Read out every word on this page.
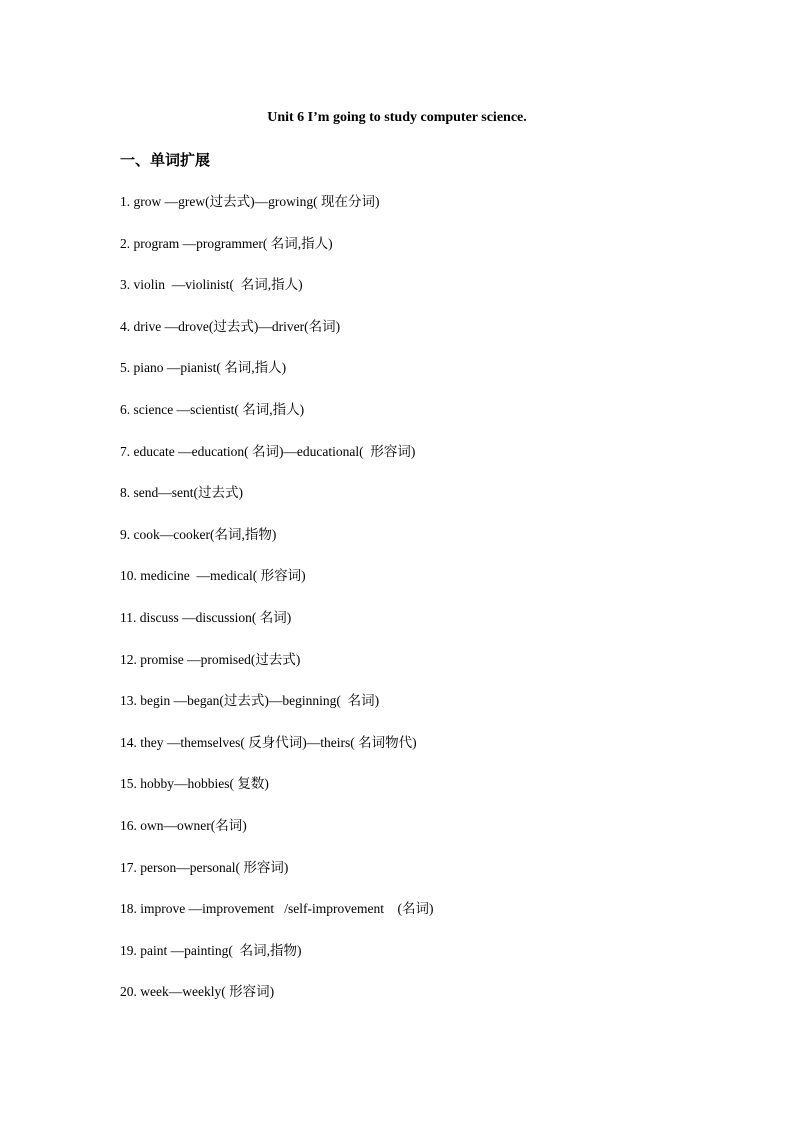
Unit 6 I’m going to study computer science.
一、单词扩展
1. grow —grew(过去式)—growing( 现在分词)
2. program —programmer( 名词,指人)
3. violin  —violinist(  名词,指人)
4. drive —drove(过去式)—driver(名词)
5. piano —pianist( 名词,指人)
6. science —scientist( 名词,指人)
7. educate —education( 名词)—educational(  形容词)
8. send—sent(过去式)
9. cook—cooker(名词,指物)
10. medicine  —medical( 形容词)
11. discuss —discussion( 名词)
12. promise —promised(过去式)
13. begin —began(过去式)—beginning(  名词)
14. they —themselves( 反身代词)—theirs( 名词物代)
15. hobby—hobbies( 复数)
16. own—owner(名词)
17. person—personal( 形容词)
18. improve —improvement   /self-improvement    (名词)
19. paint —painting(  名词,指物)
20. week—weekly( 形容词)
